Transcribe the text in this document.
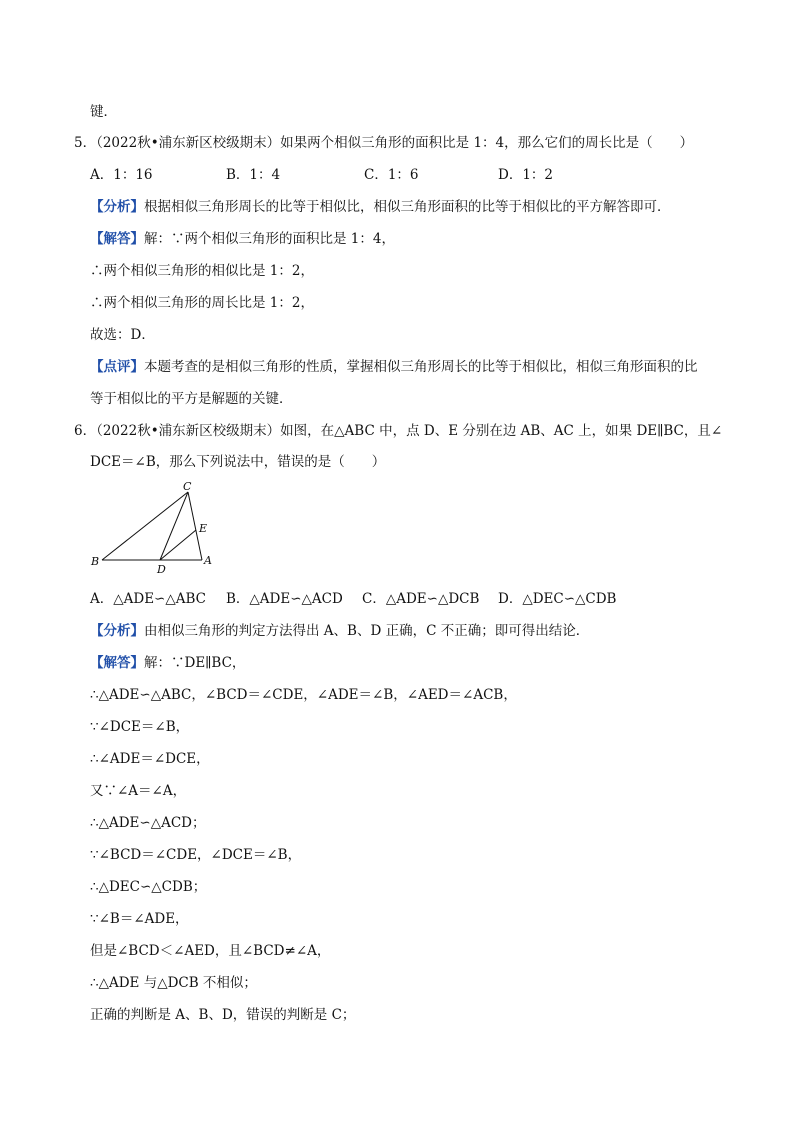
键．
5．（2022秋•浦东新区校级期末）如果两个相似三角形的面积比是 1：4，那么它们的周长比是（　　）
A．1：16	B．1：4	C．1：6	D．1：2
【分析】根据相似三角形周长的比等于相似比，相似三角形面积的比等于相似比的平方解答即可．
【解答】解：∵两个相似三角形的面积比是 1：4，
∴两个相似三角形的相似比是 1：2，
∴两个相似三角形的周长比是 1：2，
故选：D．
【点评】本题考查的是相似三角形的性质，掌握相似三角形周长的比等于相似比，相似三角形面积的比
等于相似比的平方是解题的关键．
6．（2022秋•浦东新区校级期末）如图，在△ABC 中，点 D、E 分别在边 AB、AC 上，如果 DE∥BC，且∠
DCE＝∠B，那么下列说法中，错误的是（　　）
C
E
B
D
A
A．△ADE∽△ABC B．△ADE∽△ACD C．△ADE∽△DCB D．△DEC∽△CDB
【分析】由相似三角形的判定方法得出 A、B、D 正确，C 不正确；即可得出结论．
【解答】解：∵DE∥BC，
∴△ADE∽△ABC，∠BCD＝∠CDE，∠ADE＝∠B，∠AED＝∠ACB，
∵∠DCE＝∠B，
∴∠ADE＝∠DCE，
又∵∠A＝∠A，
∴△ADE∽△ACD；
∵∠BCD＝∠CDE，∠DCE＝∠B，
∴△DEC∽△CDB；
∵∠B＝∠ADE，
但是∠BCD＜∠AED，且∠BCD≠∠A，
∴△ADE 与△DCB 不相似；
正确的判断是 A、B、D，错误的判断是 C；
